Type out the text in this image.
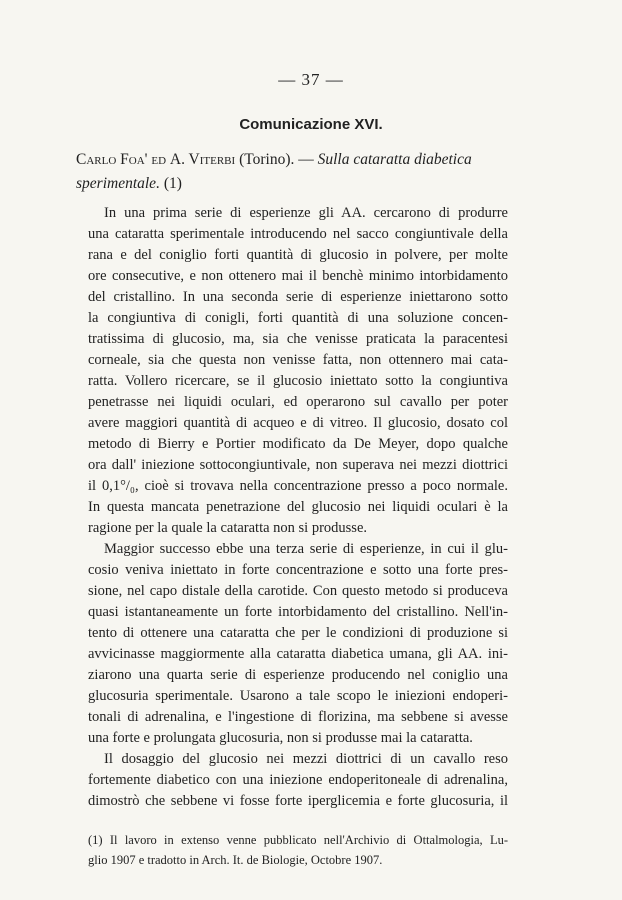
— 37 —
Comunicazione XVI.

Carlo Foa' ed A. Viterbi (Torino). — Sulla cataratta diabetica sperimentale. (1)

In una prima serie di esperienze gli AA. cercarono di produrre

una cataratta sperimentale introducendo nel sacco congiuntivale della

rana e del coniglio forti quantità di glucosio in polvere, per molte

ore consecutive, e non ottenero mai il benchè minimo intorbidamento

del cristallino. In una seconda serie di esperienze iniettarono sotto

la congiuntiva di conigli, forti quantità di una soluzione concen-

tratissima di glucosio, ma, sia che venisse praticata la paracentesi

corneale, sia che questa non venisse fatta, non ottennero mai cata-

ratta. Vollero ricercare, se il glucosio iniettato sotto la congiuntiva

penetrasse nei liquidi oculari, ed operarono sul cavallo per poter

avere maggiori quantità di acqueo e di vitreo. Il glucosio, dosato col

metodo di Bierry e Portier modificato da De Meyer, dopo qualche

ora dall' iniezione sottocongiuntivale, non superava nei mezzi diottrici

il 0,1°/₀, cioè si trovava nella concentrazione presso a poco normale.

In questa mancata penetrazione del glucosio nei liquidi oculari è la

ragione per la quale la cataratta non si produsse.

Maggior successo ebbe una terza serie di esperienze, in cui il glu-

cosio veniva iniettato in forte concentrazione e sotto una forte pres-

sione, nel capo distale della carotide. Con questo metodo si produceva

quasi istantaneamente un forte intorbidamento del cristallino. Nell'in-

tento di ottenere una cataratta che per le condizioni di produzione si

avvicinasse maggiormente alla cataratta diabetica umana, gli AA. ini-

ziarono una quarta serie di esperienze producendo nel coniglio una

glucosuria sperimentale. Usarono a tale scopo le iniezioni endoperi-

tonali di adrenalina, e l'ingestione di florizina, ma sebbene si avesse

una forte e prolungata glucosuria, non si produsse mai la cataratta.

Il dosaggio del glucosio nei mezzi diottrici di un cavallo reso

fortemente diabetico con una iniezione endoperitoneale di adrenalina,

dimostrò che sebbene vi fosse forte iperglicemia e forte glucosuria, il

(1) Il lavoro in extenso venne pubblicato nell'Archivio di Ottalmologia, Lu-

glio 1907 e tradotto in Arch. It. de Biologie, Octobre 1907.
